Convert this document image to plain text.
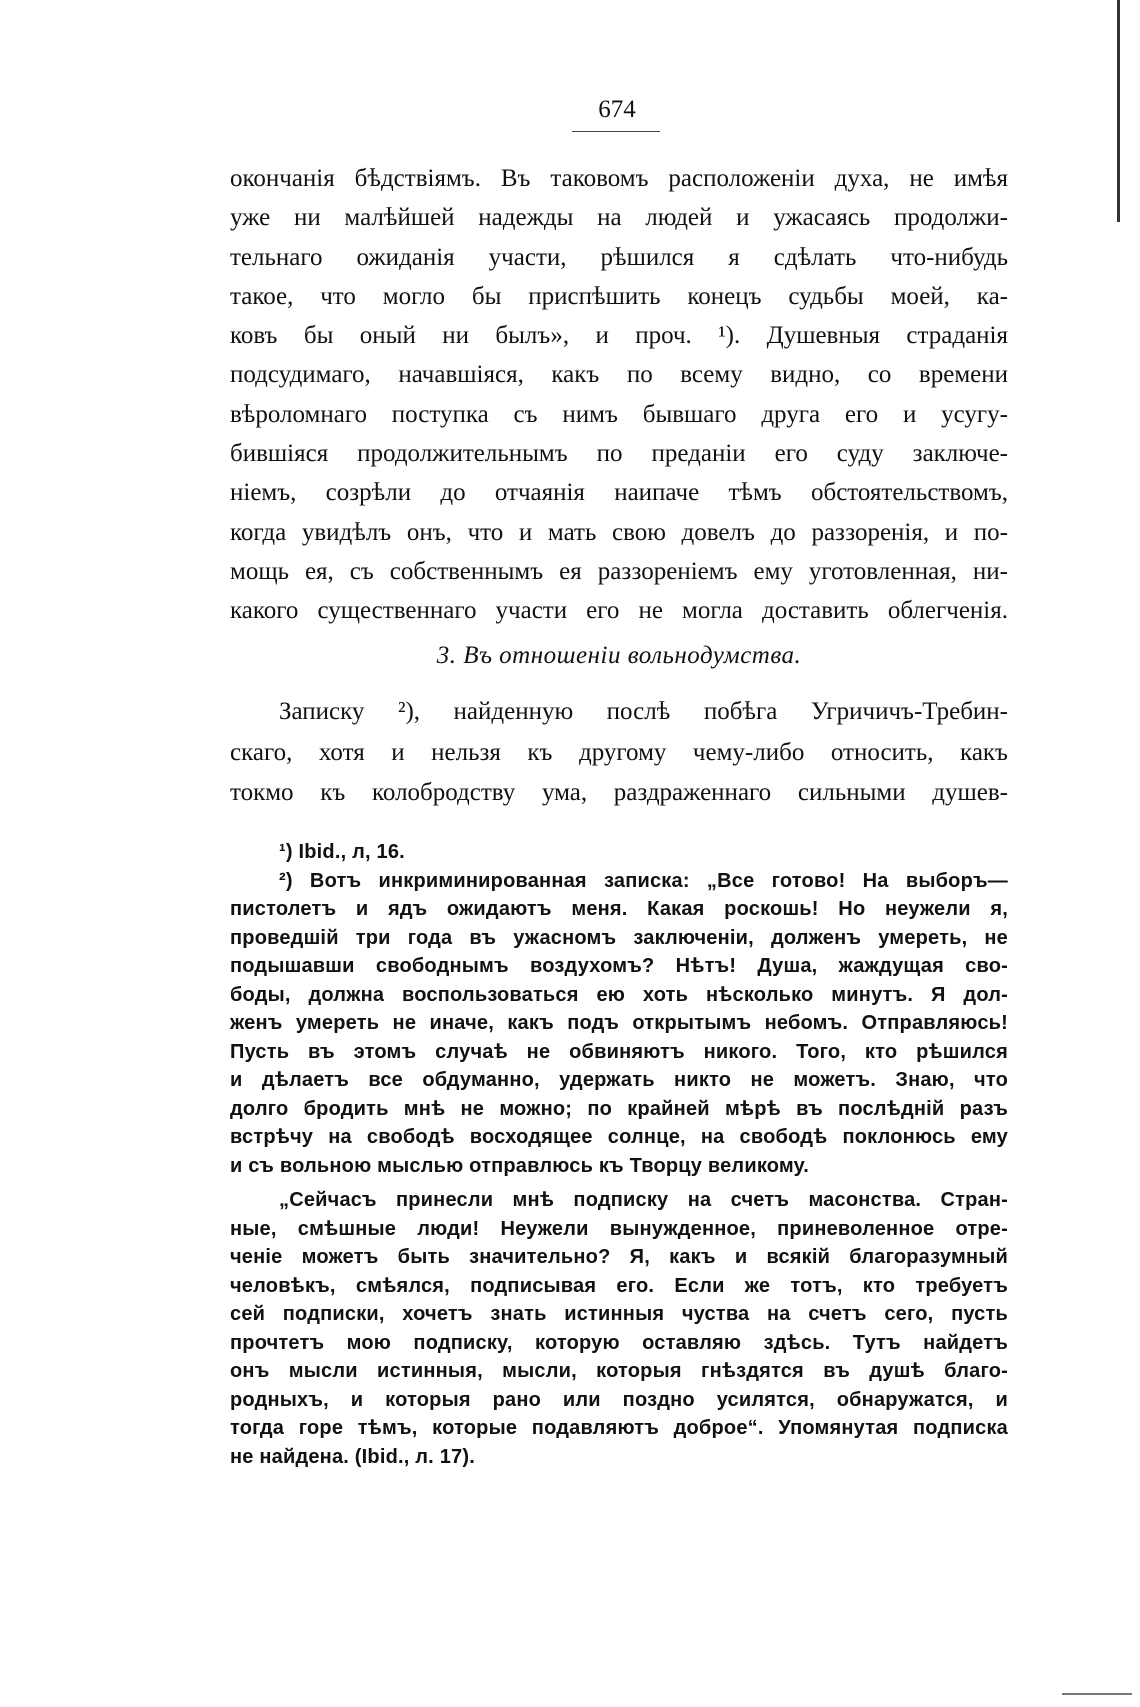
674
окончанія бѣдствіямъ. Въ таковомъ расположеніи духа, не имѣя
уже ни малѣйшей надежды на людей и ужасаясь продолжи-
тельнаго ожиданія участи, рѣшился я сдѣлать что-нибудь
такое, что могло бы приспѣшить конецъ судьбы моей, ка-
ковъ бы оный ни былъ», и проч. ¹). Душевныя страданія
подсудимаго, начавшіяся, какъ по всему видно, со времени
вѣроломнаго поступка съ нимъ бывшаго друга его и усугу-
бившіяся продолжительнымъ по преданіи его суду заключе-
ніемъ, созрѣли до отчаянія наипаче тѣмъ обстоятельствомъ,
когда увидѣлъ онъ, что и мать свою довелъ до раззоренія, и по-
мощь ея, съ собственнымъ ея раззореніемъ ему уготовленная, ни-
какого существеннаго участи его не могла доставить облегченія.
3. Въ отношеніи вольнодумства.
Записку ²), найденную послѣ побѣга Угричичъ-Требин-
скаго, хотя и нельзя къ другому чему-либо относить, какъ
токмо къ колобродству ума, раздраженнаго сильными душев-
¹) Ibid., л, 16.
²) Вотъ инкриминированная записка: „Все готово! На выборъ—
пистолетъ и ядъ ожидаютъ меня. Какая роскошь! Но неужели я,
проведшій три года въ ужасномъ заключеніи, долженъ умереть, не
подышавши свободнымъ воздухомъ? Нѣтъ! Душа, жаждущая сво-
боды, должна воспользоваться ею хоть нѣсколько минутъ. Я дол-
женъ умереть не иначе, какъ подъ открытымъ небомъ. Отправляюсь!
Пусть въ этомъ случаѣ не обвиняютъ никого. Того, кто рѣшился
и дѣлаетъ все обдуманно, удержать никто не можетъ. Знаю, что
долго бродить мнѣ не можно; по крайней мѣрѣ въ послѣдній разъ
встрѣчу на свободѣ восходящее солнце, на свободѣ поклонюсь ему
и съ вольною мыслью отправлюсь къ Творцу великому.
„Сейчасъ принесли мнѣ подписку на счетъ масонства. Стран-
ные, смѣшные люди! Неужели вынужденное, приневоленное отре-
ченіе можетъ быть значительно? Я, какъ и всякій благоразумный
человѣкъ, смѣялся, подписывая его. Если же тотъ, кто требуетъ
сей подписки, хочетъ знать истинныя чуства на счетъ сего, пусть
прочтетъ мою подписку, которую оставляю здѣсь. Тутъ найдетъ
онъ мысли истинныя, мысли, которыя гнѣздятся въ душѣ благо-
родныхъ, и которыя рано или поздно усилятся, обнаружатся, и
тогда горе тѣмъ, которые подавляютъ доброе“. Упомянутая подписка
не найдена. (Ibid., л. 17).
